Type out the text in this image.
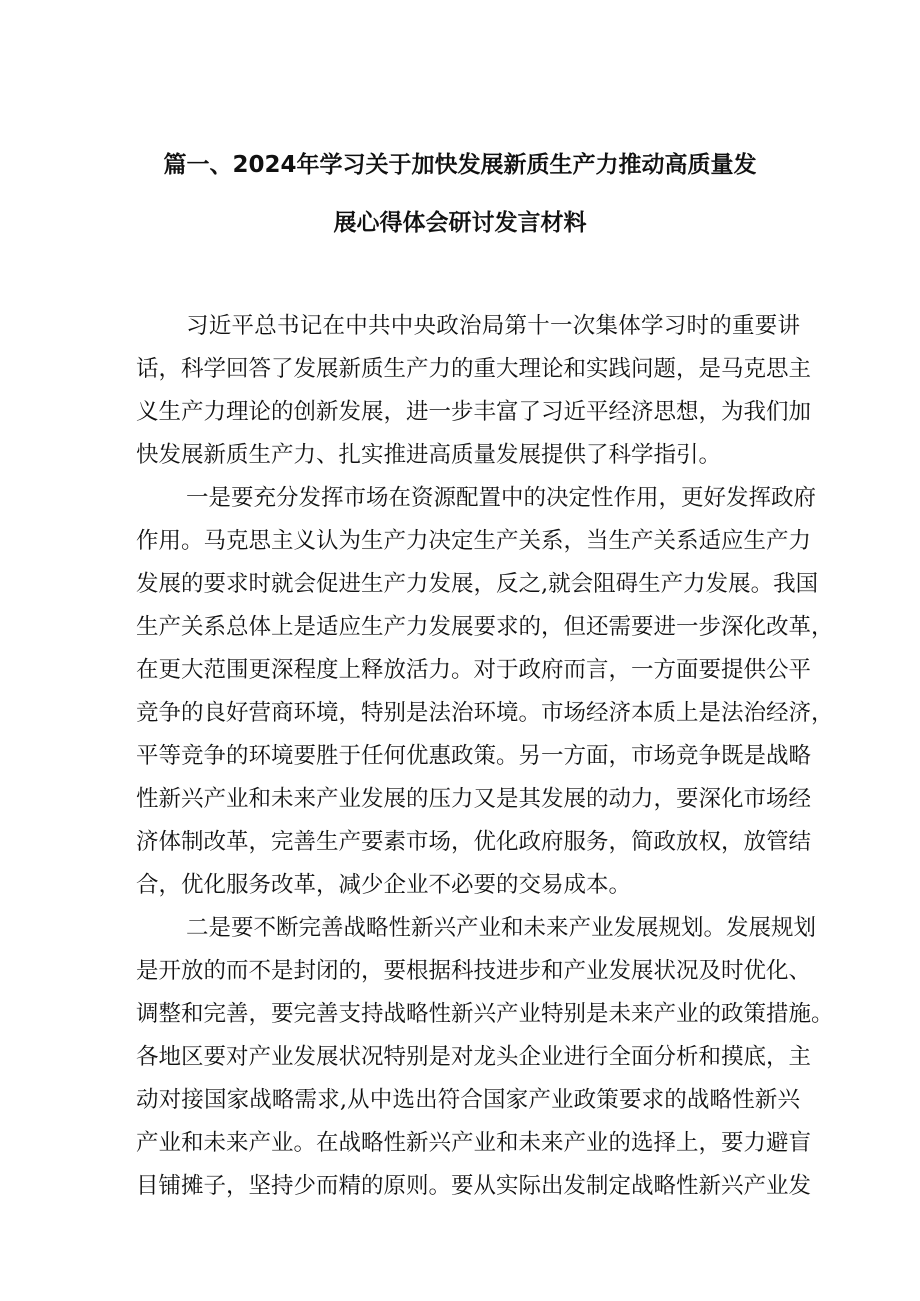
篇一、2024年学习关于加快发展新质生产力推动高质量发
展心得体会研讨发言材料
习近平总书记在中共中央政治局第十一次集体学习时的重要讲
话，科学回答了发展新质生产力的重大理论和实践问题，是马克思主
义生产力理论的创新发展，进一步丰富了习近平经济思想，为我们加
快发展新质生产力、扎实推进高质量发展提供了科学指引。
一是要充分发挥市场在资源配置中的决定性作用，更好发挥政府
作用。马克思主义认为生产力决定生产关系，当生产关系适应生产力
发展的要求时就会促进生产力发展，反之,就会阻碍生产力发展。我国
生产关系总体上是适应生产力发展要求的，但还需要进一步深化改革，
在更大范围更深程度上释放活力。对于政府而言，一方面要提供公平
竞争的良好营商环境，特别是法治环境。市场经济本质上是法治经济，
平等竞争的环境要胜于任何优惠政策。另一方面，市场竞争既是战略
性新兴产业和未来产业发展的压力又是其发展的动力，要深化市场经
济体制改革，完善生产要素市场，优化政府服务，简政放权，放管结
合，优化服务改革，减少企业不必要的交易成本。
二是要不断完善战略性新兴产业和未来产业发展规划。发展规划
是开放的而不是封闭的，要根据科技进步和产业发展状况及时优化、
调整和完善，要完善支持战略性新兴产业特别是未来产业的政策措施。
各地区要对产业发展状况特别是对龙头企业进行全面分析和摸底，主
动对接国家战略需求,从中选出符合国家产业政策要求的战略性新兴
产业和未来产业。在战略性新兴产业和未来产业的选择上，要力避盲
目铺摊子，坚持少而精的原则。要从实际出发制定战略性新兴产业发
